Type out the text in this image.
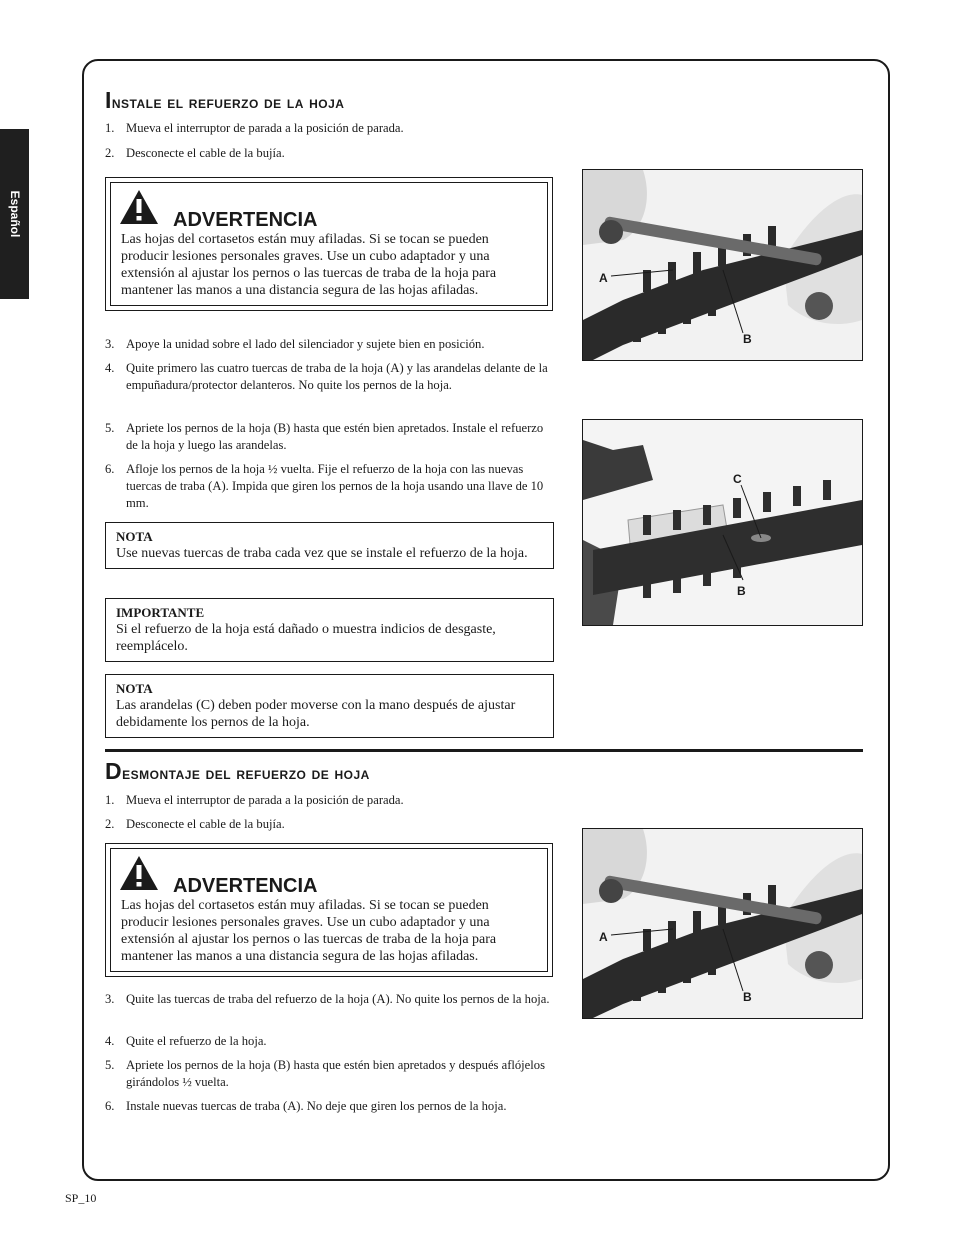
Español
Instale el refuerzo de la hoja
1. Mueva el interruptor de parada a la posición de parada.
2. Desconecte el cable de la bujía.
ADVERTENCIA
Las hojas del cortasetos están muy afiladas. Si se tocan se pueden producir lesiones personales graves. Use un cubo adaptador y una extensión al ajustar los pernos o las tuercas de traba de la hoja para mantener las manos a una distancia segura de las hojas afiladas.
3. Apoye la unidad sobre el lado del silenciador y sujete bien en posición.
4. Quite primero las cuatro tuercas de traba de la hoja (A) y las arandelas delante de la empuñadura/protector delanteros. No quite los pernos de la hoja.
5. Apriete los pernos de la hoja (B) hasta que estén bien apretados. Instale el refuerzo de la hoja y luego las arandelas.
6. Afloje los pernos de la hoja ½ vuelta. Fije el refuerzo de la hoja con las nuevas tuercas de traba (A). Impida que giren los pernos de la hoja usando una llave de 10 mm.
NOTA
Use nuevas tuercas de traba cada vez que se instale el refuerzo de la hoja.
IMPORTANTE
Si el refuerzo de la hoja está dañado o muestra indicios de desgaste, reemplácelo.
NOTA
Las arandelas (C) deben poder moverse con la mano después de ajustar debidamente los pernos de la hoja.
A
B
C
B
Desmontaje del refuerzo de hoja
1. Mueva el interruptor de parada a la posición de parada.
2. Desconecte el cable de la bujía.
ADVERTENCIA
Las hojas del cortasetos están muy afiladas. Si se tocan se pueden producir lesiones personales graves. Use un cubo adaptador y una extensión al ajustar los pernos o las tuercas de traba de la hoja para mantener las manos a una distancia segura de las hojas afiladas.
3. Quite las tuercas de traba del refuerzo de la hoja (A). No quite los pernos de la hoja.
4. Quite el refuerzo de la hoja.
5. Apriete los pernos de la hoja (B) hasta que estén bien apretados y después aflójelos girándolos ½ vuelta.
6. Instale nuevas tuercas de traba (A). No deje que giren los pernos de la hoja.
A
B
SP_10
